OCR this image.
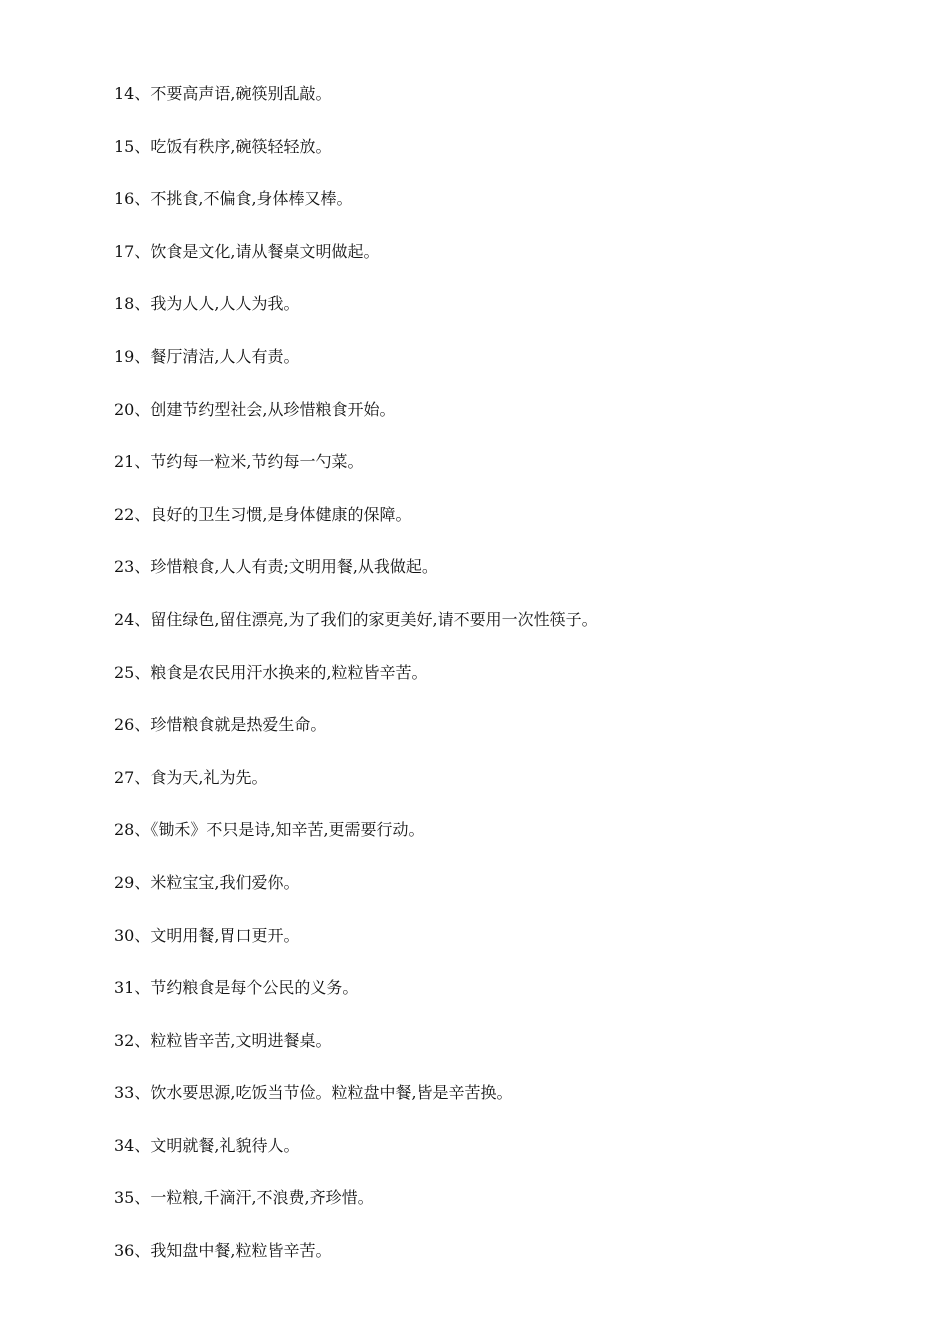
14、不要高声语,碗筷别乱敲。
15、吃饭有秩序,碗筷轻轻放。
16、不挑食,不偏食,身体棒又棒。
17、饮食是文化,请从餐桌文明做起。
18、我为人人,人人为我。
19、餐厅清洁,人人有责。
20、创建节约型社会,从珍惜粮食开始。
21、节约每一粒米,节约每一勺菜。
22、良好的卫生习惯,是身体健康的保障。
23、珍惜粮食,人人有责;文明用餐,从我做起。
24、留住绿色,留住漂亮,为了我们的家更美好,请不要用一次性筷子。
25、粮食是农民用汗水换来的,粒粒皆辛苦。
26、珍惜粮食就是热爱生命。
27、食为天,礼为先。
28、《锄禾》不只是诗,知辛苦,更需要行动。
29、米粒宝宝,我们爱你。
30、文明用餐,胃口更开。
31、节约粮食是每个公民的义务。
32、粒粒皆辛苦,文明进餐桌。
33、饮水要思源,吃饭当节俭。粒粒盘中餐,皆是辛苦换。
34、文明就餐,礼貌待人。
35、一粒粮,千滴汗,不浪费,齐珍惜。
36、我知盘中餐,粒粒皆辛苦。
